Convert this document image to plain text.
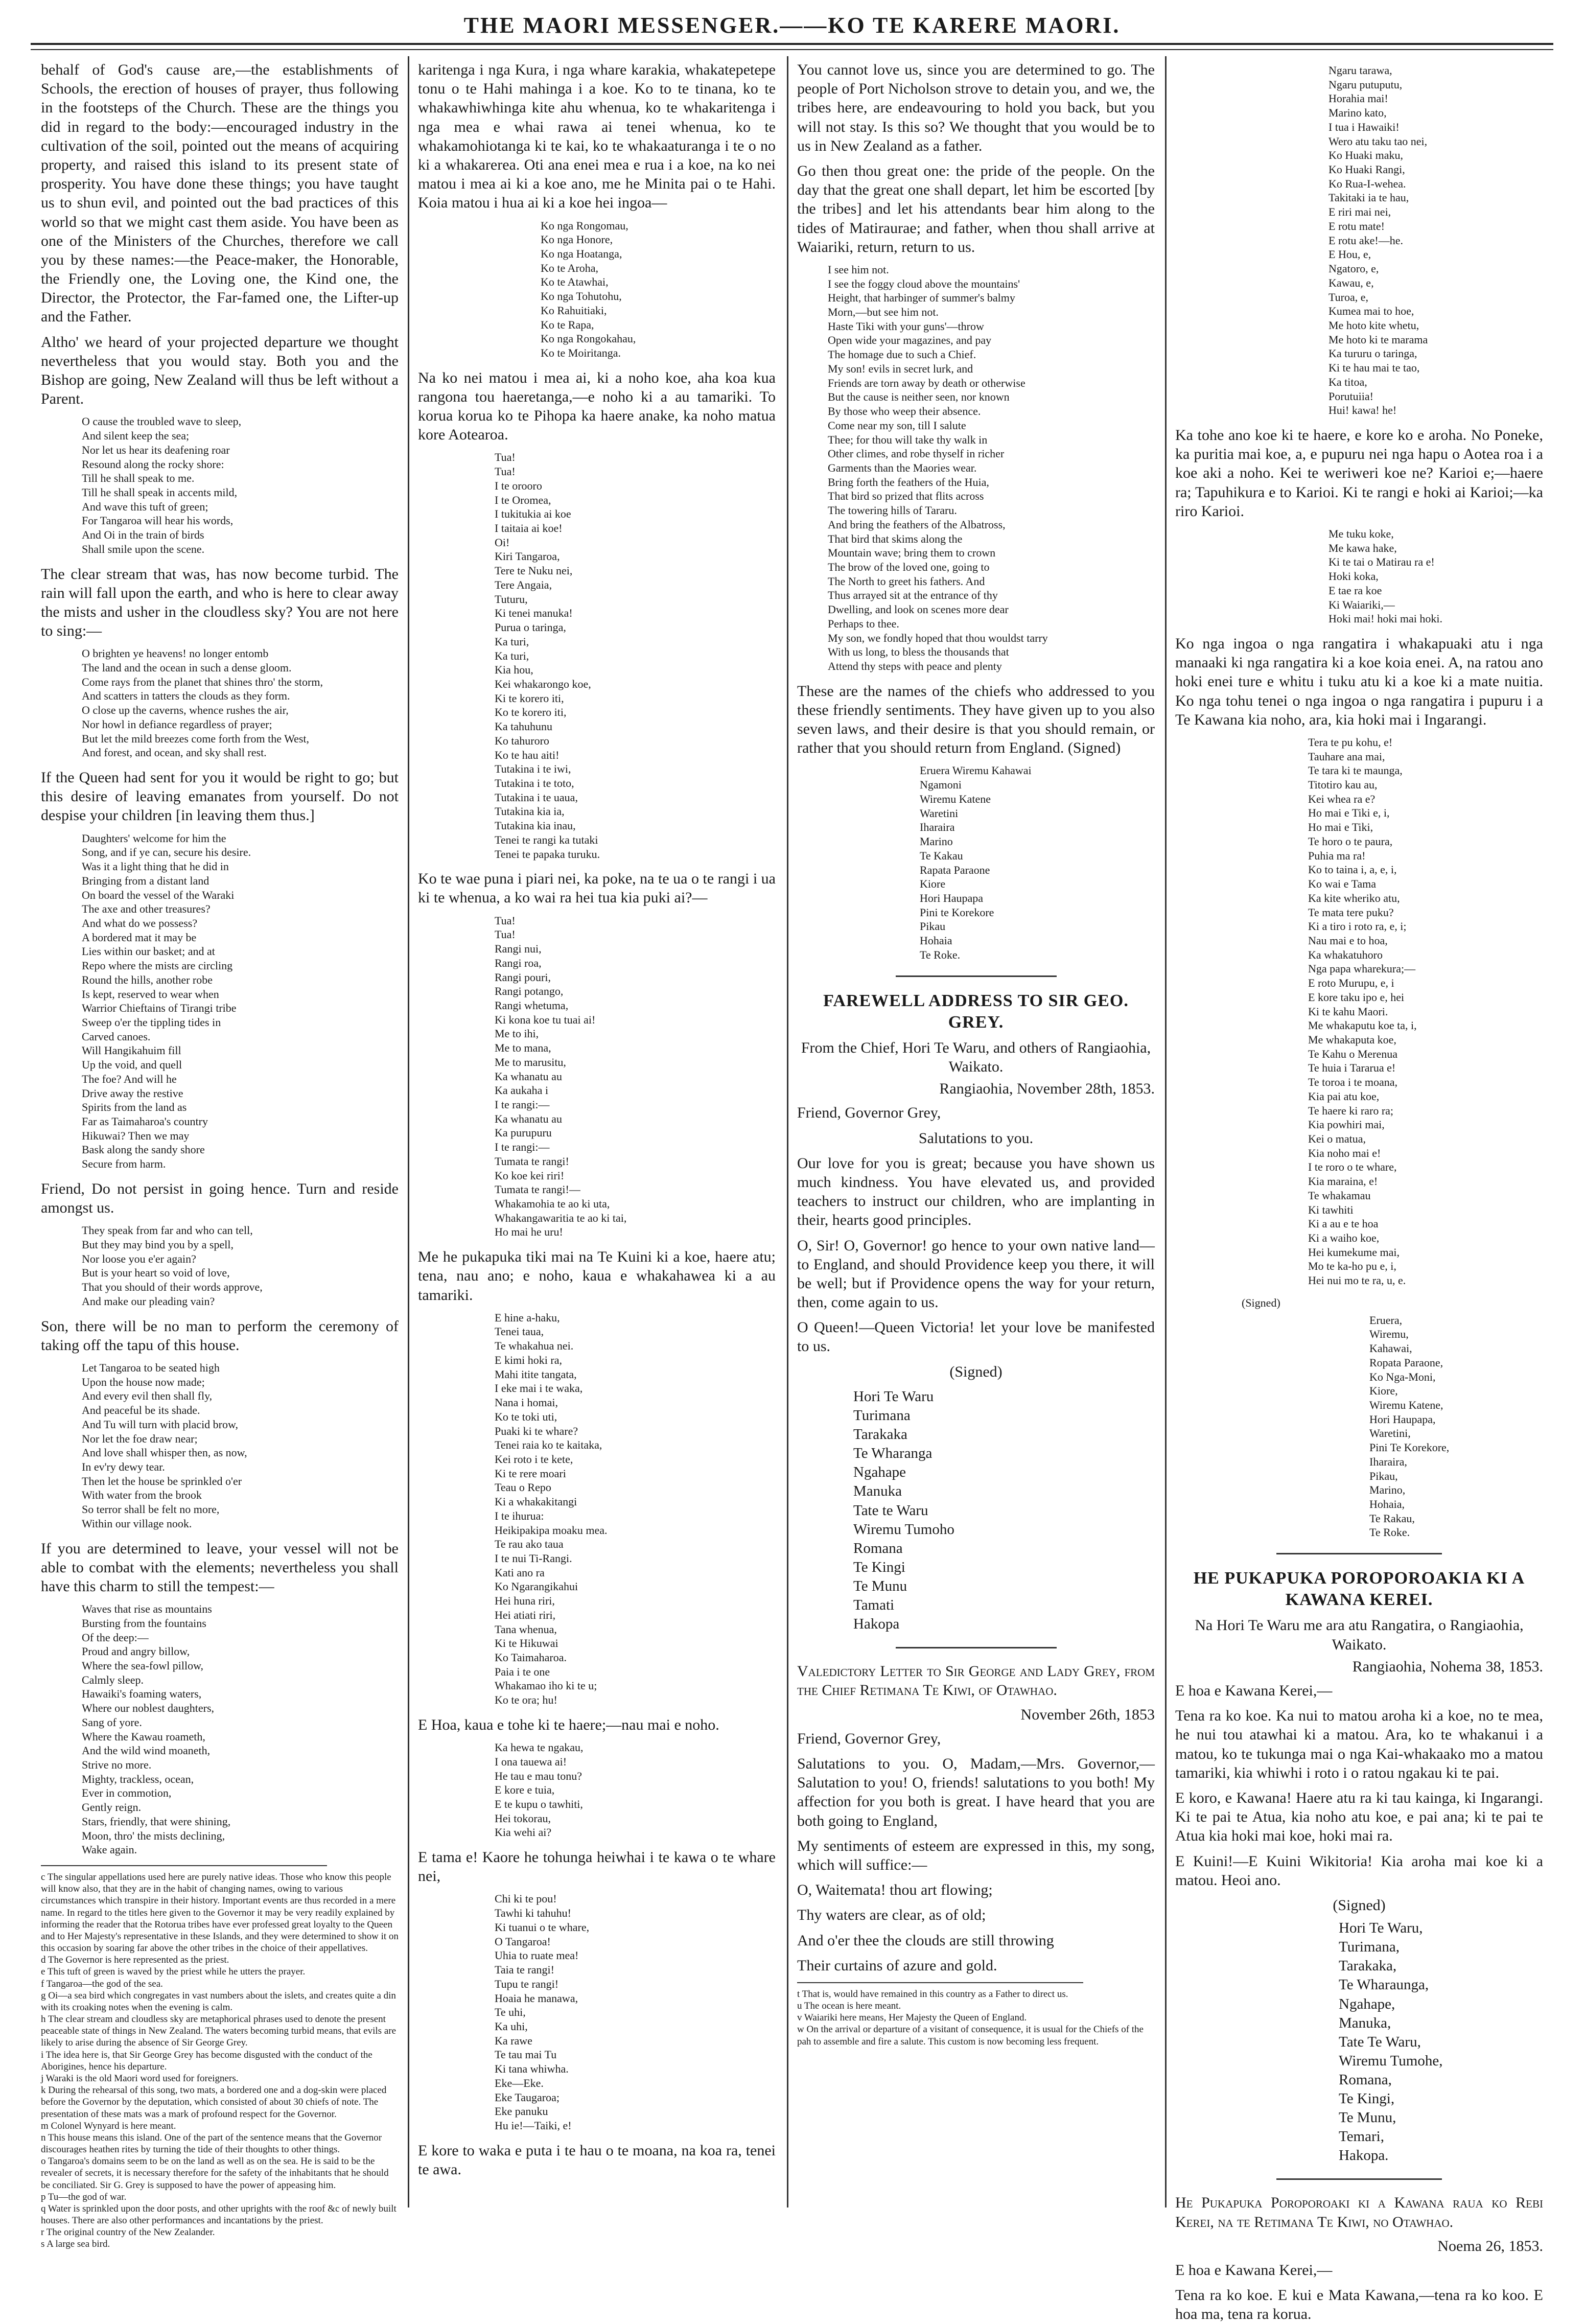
THE MAORI MESSENGER.——KO TE KARERE MAORI.

behalf of God's cause are,—the establishments of Schools, the erection of houses of prayer, thus following in the footsteps of the Church. These are the things you did in regard to the body:—encouraged industry in the cultivation of the soil, pointed out the means of acquiring property, and raised this island to its present state of prosperity. You have done these things; you have taught us to shun evil, and pointed out the bad practices of this world so that we might cast them aside. You have been as one of the Ministers of the Churches, therefore we call you by these names:—the Peace-maker, the Honorable, the Friendly one, the Loving one, the Kind one, the Director, the Protector, the Far-famed one, the Lifter-up and the Father.

Altho' we heard of your projected departure we thought nevertheless that you would stay. Both you and the Bishop are going, New Zealand will thus be left without a Parent.

O cause the troubled wave to sleep,
And silent keep the sea;
Nor let us hear its deafening roar
Resound along the rocky shore:
Till he shall speak to me.
Till he shall speak in accents mild,
And wave this tuft of green;
For Tangaroa will hear his words,
And Oi in the train of birds
Shall smile upon the scene.

The clear stream that was, has now become turbid. The rain will fall upon the earth, and who is here to clear away the mists and usher in the cloudless sky? You are not here to sing:—

O brighten ye heavens! no longer entomb
The land and the ocean in such a dense gloom.
Come rays from the planet that shines thro' the storm,
And scatters in tatters the clouds as they form.
O close up the caverns, whence rushes the air,
Nor howl in defiance regardless of prayer;
But let the mild breezes come forth from the West,
And forest, and ocean, and sky shall rest.

If the Queen had sent for you it would be right to go; but this desire of leaving emanates from yourself. Do not despise your children [in leaving them thus.]

Daughters' welcome for him the
Song, and if ye can, secure his desire.
Was it a light thing that he did in
Bringing from a distant land
On board the vessel of the Waraki
The axe and other treasures?
And what do we possess?
A bordered mat it may be
Lies within our basket; and at
Repo where the mists are circling
Round the hills, another robe
Is kept, reserved to wear when
Warrior Chieftains of Tirangi tribe
Sweep o'er the tippling tides in
Carved canoes.
Will Hangikahuim fill
Up the void, and quell
The foe? And will he
Drive away the restive
Spirits from the land as
Far as Taimaharoa's country
Hikuwai? Then we may
Bask along the sandy shore
Secure from harm.

Friend, Do not persist in going hence. Turn and reside amongst us.

They speak from far and who can tell,
But they may bind you by a spell,
Nor loose you e'er again?
But is your heart so void of love,
That you should of their words approve,
And make our pleading vain?

Son, there will be no man to perform the ceremony of taking off the tapu of this house.

Let Tangaroa to be seated high
Upon the house now made;
And every evil then shall fly,
And peaceful be its shade.
And Tu will turn with placid brow,
Nor let the foe draw near;
And love shall whisper then, as now,
In ev'ry dewy tear.
Then let the house be sprinkled o'er
With water from the brook
So terror shall be felt no more,
Within our village nook.

If you are determined to leave, your vessel will not be able to combat with the elements; nevertheless you shall have this charm to still the tempest:—

Waves that rise as mountains
Bursting from the fountains
Of the deep:—
Proud and angry billow,
Where the sea-fowl pillow,
Calmly sleep.
Hawaiki's foaming waters,
Where our noblest daughters,
Sang of yore.
Where the Kawau roameth,
And the wild wind moaneth,
Strive no more.
Mighty, trackless, ocean,
Ever in commotion,
Gently reign.
Stars, friendly, that were shining,
Moon, thro' the mists declining,
Wake again.
c The singular appellations used here are purely native ideas. Those who know this people will know also, that they are in the habit of changing names, owing to various circumstances which transpire in their history. Important events are thus recorded in a mere name. In regard to the titles here given to the Governor it may be very readily explained by informing the reader that the Rotorua tribes have ever professed great loyalty to the Queen and to Her Majesty's representative in these Islands, and they were determined to show it on this occasion by soaring far above the other tribes in the choice of their appellatives.
d The Governor is here represented as the priest.
e This tuft of green is waved by the priest while he utters the prayer.
f Tangaroa—the god of the sea.
g Oi—a sea bird which congregates in vast numbers about the islets, and creates quite a din with its croaking notes when the evening is calm.
h The clear stream and cloudless sky are metaphorical phrases used to denote the present peaceable state of things in New Zealand. The waters becoming turbid means, that evils are likely to arise during the absence of Sir George Grey.
i The idea here is, that Sir George Grey has become disgusted with the conduct of the Aborigines, hence his departure.
j Waraki is the old Maori word used for foreigners.
k During the rehearsal of this song, two mats, a bordered one and a dog-skin were placed before the Governor by the deputation, which consisted of about 30 chiefs of note. The presentation of these mats was a mark of profound respect for the Governor.
m Colonel Wynyard is here meant.
n This house means this island. One of the part of the sentence means that the Governor discourages heathen rites by turning the tide of their thoughts to other things.
o Tangaroa's domains seem to be on the land as well as on the sea. He is said to be the revealer of secrets, it is necessary therefore for the safety of the inhabitants that he should be conciliated. Sir G. Grey is supposed to have the power of appeasing him.
p Tu—the god of war.
q Water is sprinkled upon the door posts, and other uprights with the roof &c of newly built houses. There are also other performances and incantations by the priest.
r The original country of the New Zealander.
s A large sea bird.

karitenga i nga Kura, i nga whare karakia, whakatepetepe tonu o te Hahi mahinga i a koe. Ko to te tinana, ko te whakawhiwhinga kite ahu whenua, ko te whakaritenga i nga mea e whai rawa ai tenei whenua, ko te whakamohiotanga ki te kai, ko te whakaaturanga i te o no ki a whakarerea. Oti ana enei mea e rua i a koe, na ko nei matou i mea ai ki a koe ano, me he Minita pai o te Hahi. Koia matou i hua ai ki a koe hei ingoa—

Ko nga Rongomau,
Ko nga Honore,
Ko nga Hoatanga,
Ko te Aroha,
Ko te Atawhai,
Ko nga Tohutohu,
Ko Rahuitiaki,
Ko te Rapa,
Ko nga Rongokahau,
Ko te Moiritanga.

Na ko nei matou i mea ai, ki a noho koe, aha koa kua rangona tou haeretanga,—e noho ki a au tamariki. To korua korua ko te Pihopa ka haere anake, ka noho matua kore Aotearoa.

Tua!
Tua!
I te oroorо
I te Oromea,
I tukitukia ai koe
I taitaia ai koe!
Oi!
Kiri Tangaroa,
Tere te Nuku nei,
Tere Angaia,
Tuturu,
Ki tenei manuka!
Purua o taringa,
Ka turi,
Ka turi,
Kia hou,
Kei whakarongo koe,
Ki te korero iti,
Ko te korero iti,
Ka tahuhunu
Ko tahuroro
Ko te hau aiti!
Tutakina i te iwi,
Tutakina i te toto,
Tutakina i te uaua,
Tutakina kia ia,
Tutakina kia inau,
Tenei te rangi ka tutaki
Tenei te papaka turuku.

Ko te wae puna i piari nei, ka poke, na te ua o te rangi i ua ki te whenua, a ko wai ra hei tua kia puki ai?—

Tua!
Tua!
Rangi nui,
Rangi roa,
Rangi pouri,
Rangi potango,
Rangi whetuma,
Ki kona koe tu tuai ai!
Me to ihi,
Me to mana,
Me to marusitu,
Ka whanatu au
Ka aukaha i
I te rangi:—
Ka whanatu au
Ka purupuru
I te rangi:—
Tumata te rangi!
Ko koe kei riri!
Tumata te rangi!—
Whakamohia te ao ki uta,
Whakangawaritia te ao ki tai,
Ho mai he uru!

Me he pukapuka tiki mai na Te Kuini ki a koe, haere atu; tena, nau ano; e noho, kaua e whakahawea ki a au tamariki.

E hine a-haku,
Tenei taua,
Te whakahua nei.
E kimi hoki ra,
Mahi itite tangata,
I eke mai i te waka,
Nana i homai,
Ko te toki uti,
Puaki ki te whare?
Tenei raia ko te kaitaka,
Kei roto i te kete,
Ki te rere moari
Teau o Repo
Ki a whakakitangi
I te ihurua:
Heikipakipa moaku mea.
Te rau ako taua
I te nui Ti-Rangi.
Kati ano ra
Ko Ngarangikahui
Hei huna riri,
Hei atiati riri,
Tana whenua,
Ki te Hikuwai
Ko Taimaharoa.
Paia i te one
Whakamao iho ki te u;
Ko te ora; hu!

E Hoa, kaua e tohe ki te haere;—nau mai e noho.

Ka hewa te ngakau,
I ona tauewa ai!
He tau e mau tonu?
E kore e tuia,
E te kupu o tawhiti,
Hei tokorau,
Kia wehi ai?

E tama e! Kaore he tohunga heiwhai i te kawa o te whare nei,

Chi ki te pou!
Tawhi ki tahuhu!
Ki tuanui o te whare,
O Tangaroa!
Uhia to ruate mea!
Taia te rangi!
Tupu te rangi!
Hoaia he manawa,
Te uhi,
Ka uhi,
Ka rawe
Te tau mai Tu
Ki tana whiwha.
Eke—Eke.
Eke Taugaroa;
Eke panuku
Hu ie!—Taiki, e!

E kore to waka e puta i te hau o te moana, na koa ra, tenei te awa.

You cannot love us, since you are determined to go. The people of Port Nicholson strove to detain you, and we, the tribes here, are endeavouring to hold you back, but you will not stay. Is this so? We thought that you would be to us in New Zealand as a father.

Go then thou great one: the pride of the people. On the day that the great one shall depart, let him be escorted [by the tribes] and let his attendants bear him along to the tides of Matiraurae; and father, when thou shall arrive at Waiariki, return, return to us.

I see him not.
I see the foggy cloud above the mountains'
Height, that harbinger of summer's balmy
Morn,—but see him not.
Haste Tiki with your guns'—throw
Open wide your magazines, and pay
The homage due to such a Chief.
My son! evils in secret lurk, and
Friends are torn away by death or otherwise
But the cause is neither seen, nor known
By those who weep their absence.
Come near my son, till I salute
Thee; for thou will take thy walk in
Other climes, and robe thyself in richer
Garments than the Maories wear.
Bring forth the feathers of the Huia,
That bird so prized that flits across
The towering hills of Tararu.
And bring the feathers of the Albatross,
That bird that skims along the
Mountain wave; bring them to crown
The brow of the loved one, going to
The North to greet his fathers. And
Thus arrayed sit at the entrance of thy
Dwelling, and look on scenes more dear
Perhaps to thee.
My son, we fondly hoped that thou wouldst tarry
With us long, to bless the thousands that
Attend thy steps with peace and plenty

These are the names of the chiefs who addressed to you these friendly sentiments. They have given up to you also seven laws, and their desire is that you should remain, or rather that you should return from England. (Signed)

Eruera Wiremu Kahawai
Ngamoni
Wiremu Katene
Waretini
Iharaira
Marino
Te Kakau
Rapata Paraone
Kiore
Hori Haupapa
Pini te Korekore
Pikau
Hohaia
Te Roke.
FAREWELL ADDRESS TO SIR GEO. GREY.
From the Chief, Hori Te Waru, and others of Rangiaohia, Waikato.
Rangiaohia, November 28th, 1853.

Friend, Governor Grey,

Salutations to you.

Our love for you is great; because you have shown us much kindness. You have elevated us, and provided teachers to instruct our children, who are implanting in their, hearts good principles.

O, Sir! O, Governor! go hence to your own native land—to England, and should Providence keep you there, it will be well; but if Providence opens the way for your return, then, come again to us.

O Queen!—Queen Victoria! let your love be manifested to us.

(Signed)

Hori Te Waru
Turimana
Tarakaka
Te Wharanga
Ngahape
Manuka
Tate te Waru
Wiremu Tumoho
Romana
Te Kingi
Te Munu
Tamati
Hakopa
Valedictory Letter to Sir George and Lady Grey, from the Chief Retimana Te Kiwi, of Otawhao.
November 26th, 1853

Friend, Governor Grey,

Salutations to you. O, Madam,—Mrs. Governor,—Salutation to you! O, friends! salutations to you both! My affection for you both is great. I have heard that you are both going to England,

My sentiments of esteem are expressed in this, my song, which will suffice:—

O, Waitemata! thou art flowing;

Thy waters are clear, as of old;

And o'er thee the clouds are still throwing

Their curtains of azure and gold.

t That is, would have remained in this country as a Father to direct us.
u The ocean is here meant.
v Waiariki here means, Her Majesty the Queen of England.
w On the arrival or departure of a visitant of consequence, it is usual for the Chiefs of the pah to assemble and fire a salute. This custom is now becoming less frequent.
Ngaru tarawa,
Ngaru putuputu,
Horahia mai!
Marino kato,
I tua i Hawaiki!
Wero atu taku tao nei,
Ko Huaki maku,
Ko Huaki Rangi,
Ko Rua-I-wehea.
Takitaki ia te hau,
E riri mai nei,
E rotu mate!
E rotu ake!—he.
E Hou, e,
Ngatoro, e,
Kawau, e,
Turoa, e,
Kumea mai to hoe,
Me hoto kite whetu,
Me hoto ki te marama
Ka tururu o taringa,
Ki te hau mai te tao,
Ka titoa,
Porutuiia!
Hui! kawa! he!

Ka tohe ano koe ki te haere, e kore ko e aroha. No Poneke, ka puritia mai koe, a, e pupuru nei nga hapu o Aotea roa i a koe aki a noho. Kei te weriweri koe ne? Karioi e;—haere ra; Tapuhikura e to Karioi. Ki te rangi e hoki ai Karioi;—ka riro Karioi.

Me tuku koke,
Me kawa hake,
Ki te tai o Matirau ra e!
Hoki koka,
E tae ra koe
Ki Waiariki,—
Hoki mai! hoki mai hoki.

Ko nga ingoa o nga rangatira i whakapuaki atu i nga manaaki ki nga rangatira ki a koe koia enei. A, na ratou ano hoki enei ture e whitu i tuku atu ki a koe ki a mate nuitia. Ko nga tohu tenei o nga ingoa o nga rangatira i pupuru i a Te Kawana kia noho, ara, kia hoki mai i Ingarangi.

Tera te pu kohu, e!
Tauhare ana mai,
Te tara ki te maunga,
Titotiro kau au,
Kei whea ra e?
Ho mai e Tiki e, i,
Ho mai e Tiki,
Te horo o te paura,
Puhia ma ra!
Ko to taina i, a, e, i,
Ko wai e Tama
Ka kite wheriko atu,
Te mata tere puku?
Ki a tiro i roto ra, e, i;
Nau mai e to hoa,
Ka whakatuhoro
Nga papa wharekura;—
E roto Murupu, e, i
E kore taku ipo e, hei
Ki te kahu Maori.
Me whakaputu koe ta, i,
Me whakaputa koe,
Te Kahu o Merenua
Te huia i Tararua e!
Te toroa i te moana,
Kia pai atu koe,
Te haere ki raro ra;
Kia powhiri mai,
Kei o matua,
Kia noho mai e!
I te roro o te whare,
Kia maraina, e!
Te whakamau
Ki tawhiti
Ki a au e te hoa
Ki a waiho koe,
Hei kumekume mai,
Mo te ka-ho pu e, i,
Hei nui mo te ra, u, e.
(Signed)
Eruera,
Wiremu,
Kahawai,
Ropata Paraone,
Ko Nga-Moni,
Kiore,
Wiremu Katene,
Hori Haupapa,
Waretini,
Pini Te Korekore,
Iharaira,
Pikau,
Marino,
Hohaia,
Te Rakau,
Te Roke.
HE PUKAPUKA POROPOROAKIA KI A KAWANA KEREI.
Na Hori Te Waru me ara atu Rangatira, o Rangiaohia, Waikato.
Rangiaohia, Nohema 38, 1853.

E hoa e Kawana Kerei,—

Tena ra ko koe. Ka nui to matou aroha ki a koe, no te mea, he nui tou atawhai ki a matou. Ara, ko te whakanui i a matou, ko te tukunga mai o nga Kai-whakaako mo a matou tamariki, kia whiwhi i roto i o ratou ngakau ki te pai.

E koro, e Kawana! Haere atu ra ki tau kainga, ki Ingarangi. Ki te pai te Atua, kia noho atu koe, e pai ana; ki te pai te Atua kia hoki mai koe, hoki mai ra.

E Kuini!—E Kuini Wikitoria! Kia aroha mai koe ki a matou. Heoi ano.

(Signed)

Hori Te Waru,
Turimana,
Tarakaka,
Te Wharaunga,
Ngahape,
Manuka,
Tate Te Waru,
Wiremu Tumohe,
Romana,
Te Kingi,
Te Munu,
Temari,
Hakopa.
He Pukapuka Poroporoaki ki a Kawana raua ko Rebi Kerei, na te Retimana Te Kiwi, no Otawhao.
Noema 26, 1853.

E hoa e Kawana Kerei,—

Tena ra ko koe. E kui e Mata Kawana,—tena ra ko koo. E hoa ma, tena ra korua.
